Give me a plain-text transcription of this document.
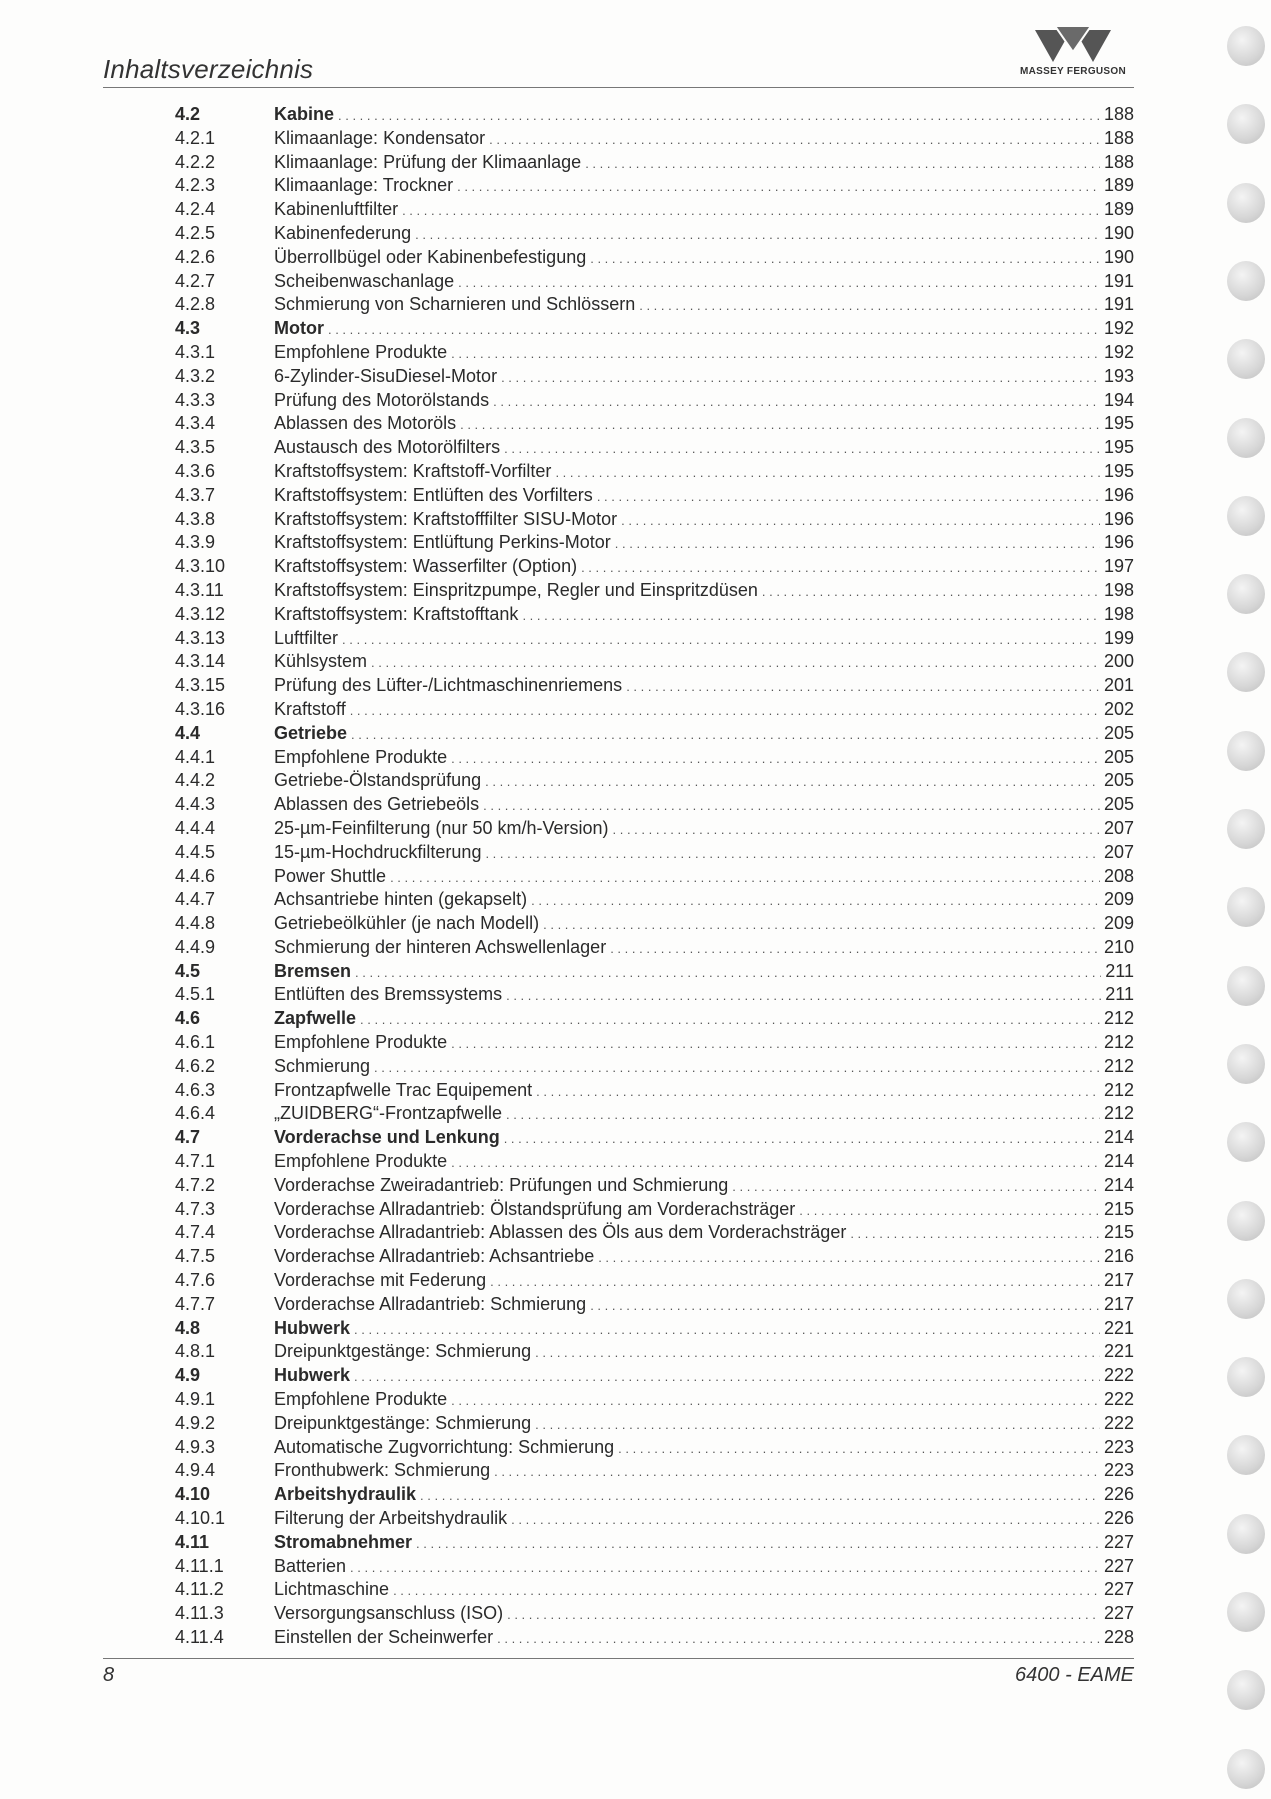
Inhaltsverzeichnis	MASSEY FERGUSON
4.2	Kabine . . .	188
4.2.1	Klimaanlage: Kondensator . . .	188
4.2.2	Klimaanlage: Prüfung der Klimaanlage . . .	188
4.2.3	Klimaanlage: Trockner . . .	189
4.2.4	Kabinenluftfilter . . .	189
4.2.5	Kabinenfederung . . .	190
4.2.6	Überrollbügel oder Kabinenbefestigung . . .	190
4.2.7	Scheibenwaschanlage . . .	191
4.2.8	Schmierung von Scharnieren und Schlössern . . .	191
4.3	Motor . . .	192
4.3.1	Empfohlene Produkte . . .	192
4.3.2	6-Zylinder-SisuDiesel-Motor . . .	193
4.3.3	Prüfung des Motorölstands . . .	194
4.3.4	Ablassen des Motoröls . . .	195
4.3.5	Austausch des Motorölfilters . . .	195
4.3.6	Kraftstoffsystem: Kraftstoff-Vorfilter . . .	195
4.3.7	Kraftstoffsystem: Entlüften des Vorfilters . . .	196
4.3.8	Kraftstoffsystem: Kraftstofffilter SISU-Motor . . .	196
4.3.9	Kraftstoffsystem: Entlüftung Perkins-Motor . . .	196
4.3.10	Kraftstoffsystem: Wasserfilter (Option) . . .	197
4.3.11	Kraftstoffsystem: Einspritzpumpe, Regler und Einspritzdüsen . . .	198
4.3.12	Kraftstoffsystem: Kraftstofftank . . .	198
4.3.13	Luftfilter . . .	199
4.3.14	Kühlsystem . . .	200
4.3.15	Prüfung des Lüfter-/Lichtmaschinenriemens . . .	201
4.3.16	Kraftstoff . . .	202
4.4	Getriebe . . .	205
4.4.1	Empfohlene Produkte . . .	205
4.4.2	Getriebe-Ölstandsprüfung . . .	205
4.4.3	Ablassen des Getriebeöls . . .	205
4.4.4	25-µm-Feinfilterung (nur 50 km/h-Version) . . .	207
4.4.5	15-µm-Hochdruckfilterung . . .	207
4.4.6	Power Shuttle . . .	208
4.4.7	Achsantriebe hinten (gekapselt) . . .	209
4.4.8	Getriebeölkühler (je nach Modell) . . .	209
4.4.9	Schmierung der hinteren Achswellenlager . . .	210
4.5	Bremsen . . .	211
4.5.1	Entlüften des Bremssystems . . .	211
4.6	Zapfwelle . . .	212
4.6.1	Empfohlene Produkte . . .	212
4.6.2	Schmierung . . .	212
4.6.3	Frontzapfwelle Trac Equipement . . .	212
4.6.4	„ZUIDBERG“-Frontzapfwelle . . .	212
4.7	Vorderachse und Lenkung . . .	214
4.7.1	Empfohlene Produkte . . .	214
4.7.2	Vorderachse Zweiradantrieb: Prüfungen und Schmierung . . .	214
4.7.3	Vorderachse Allradantrieb: Ölstandsprüfung am Vorderachsträger . . .	215
4.7.4	Vorderachse Allradantrieb: Ablassen des Öls aus dem Vorderachsträger . . .	215
4.7.5	Vorderachse Allradantrieb: Achsantriebe . . .	216
4.7.6	Vorderachse mit Federung . . .	217
4.7.7	Vorderachse Allradantrieb: Schmierung . . .	217
4.8	Hubwerk . . .	221
4.8.1	Dreipunktgestänge: Schmierung . . .	221
4.9	Hubwerk . . .	222
4.9.1	Empfohlene Produkte . . .	222
4.9.2	Dreipunktgestänge: Schmierung . . .	222
4.9.3	Automatische Zugvorrichtung: Schmierung . . .	223
4.9.4	Fronthubwerk: Schmierung . . .	223
4.10	Arbeitshydraulik . . .	226
4.10.1	Filterung der Arbeitshydraulik . . .	226
4.11	Stromabnehmer . . .	227
4.11.1	Batterien . . .	227
4.11.2	Lichtmaschine . . .	227
4.11.3	Versorgungsanschluss (ISO) . . .	227
4.11.4	Einstellen der Scheinwerfer . . .	228
8	6400 - EAME
